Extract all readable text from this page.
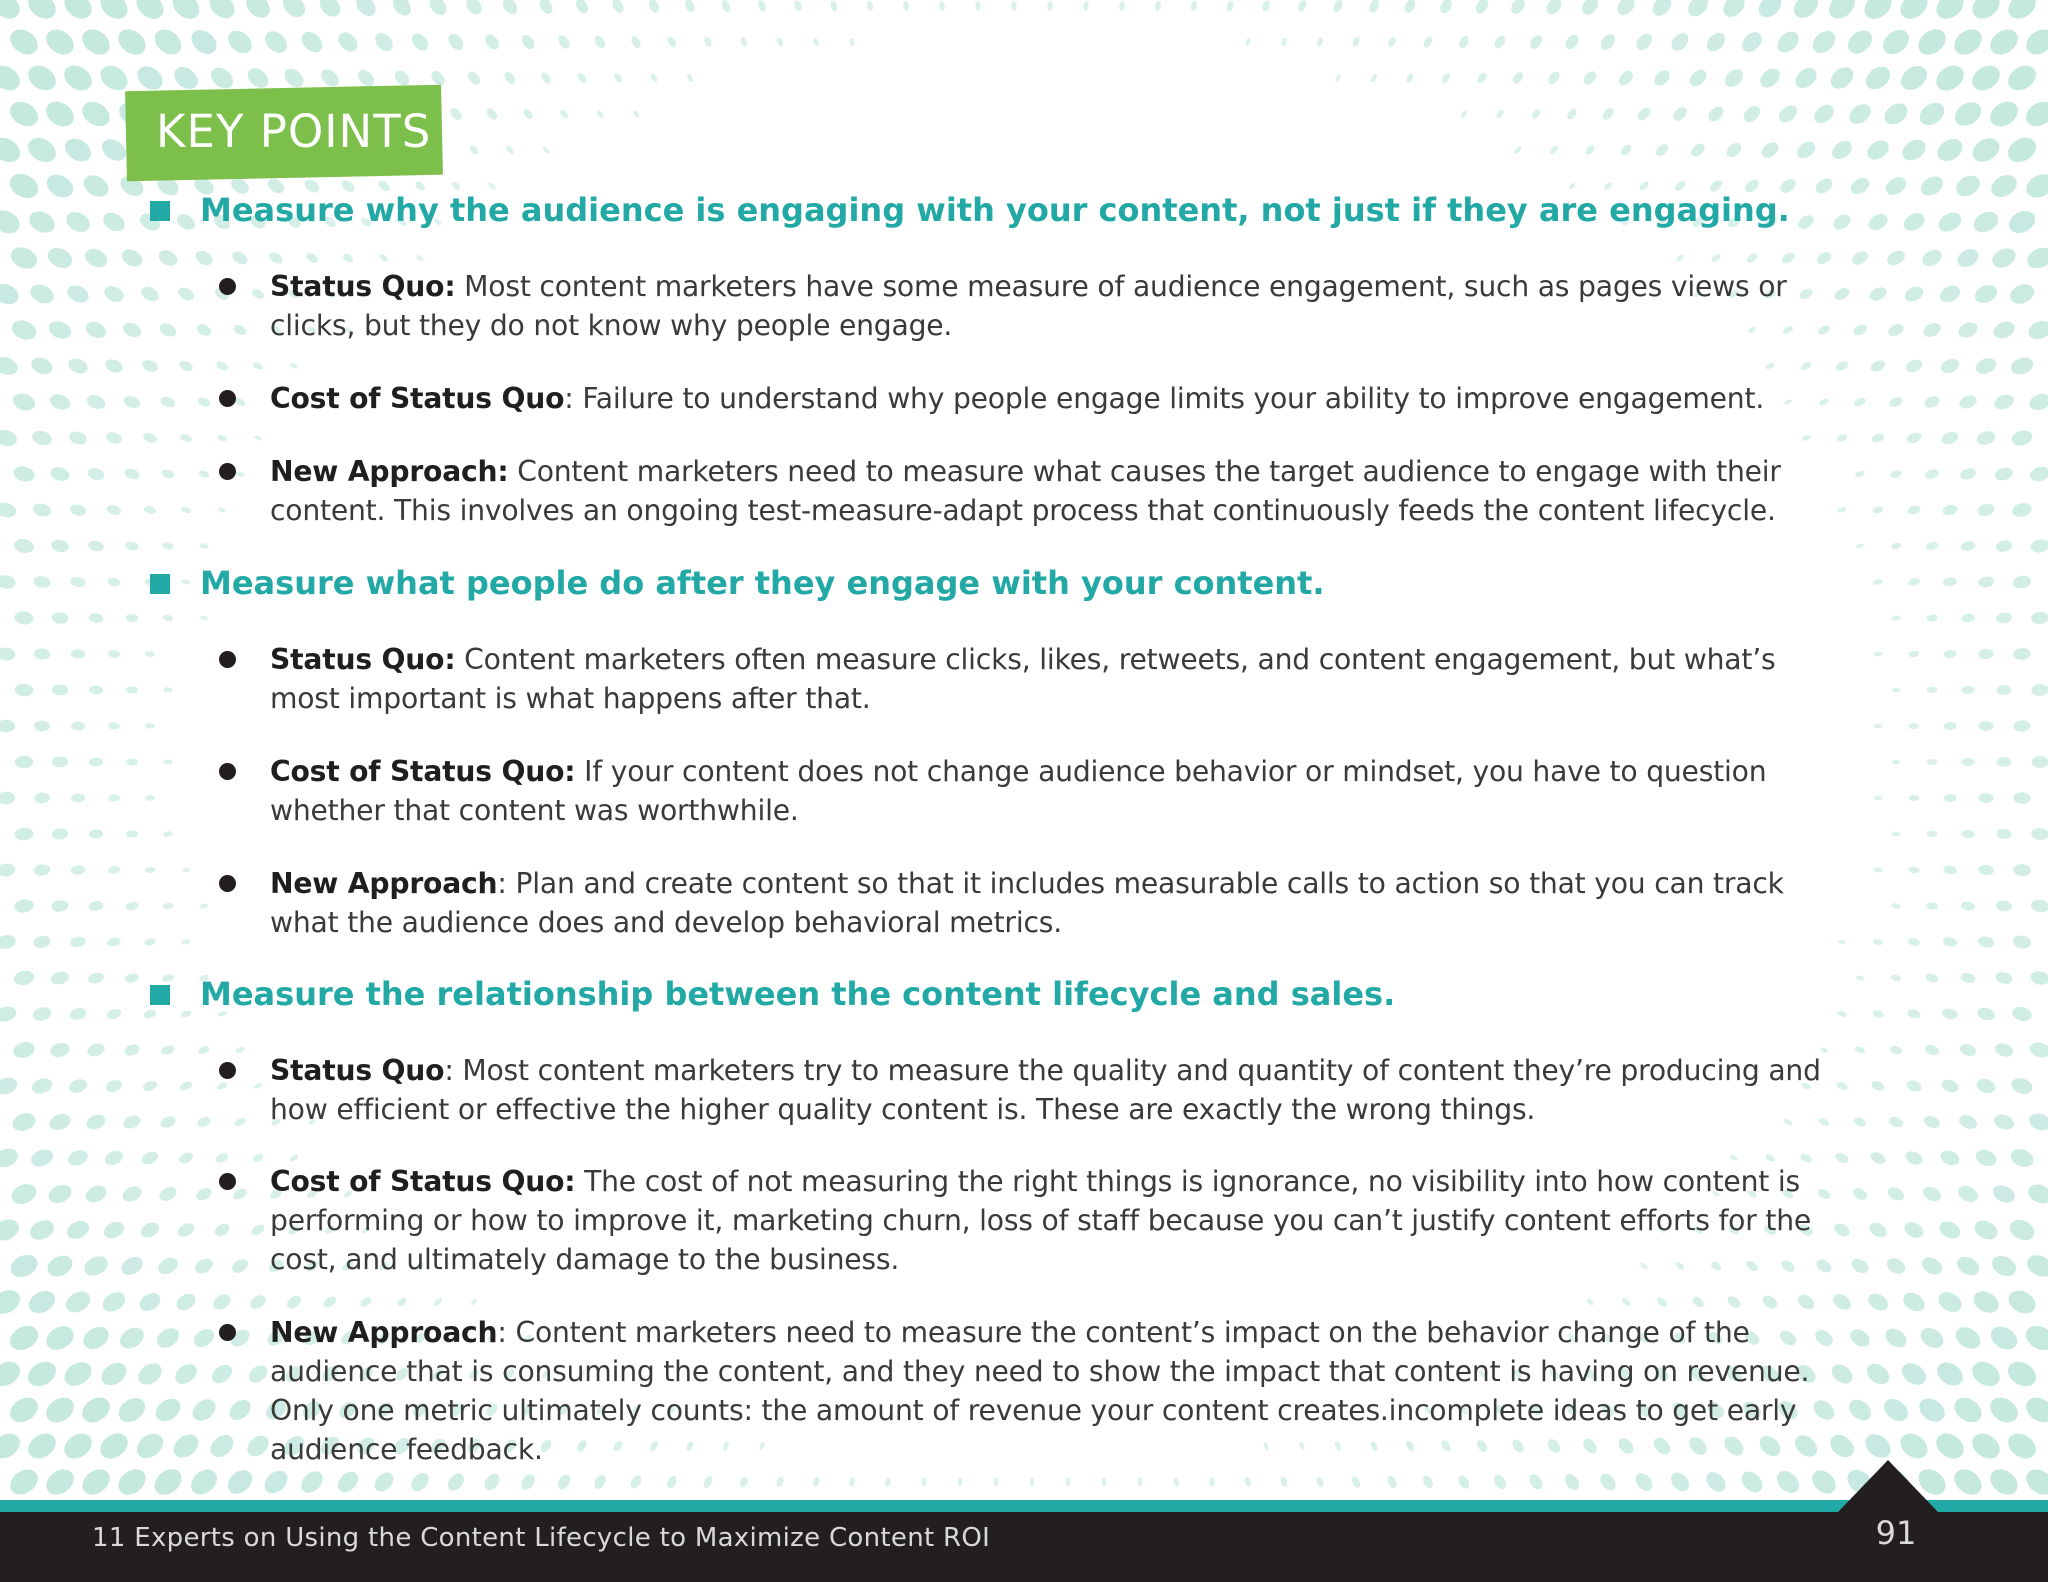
KEY POINTS
Measure why the audience is engaging with your content, not just if they are engaging.
Status Quo: Most content marketers have some measure of audience engagement, such as pages views or clicks, but they do not know why people engage.
Cost of Status Quo: Failure to understand why people engage limits your ability to improve engagement.
New Approach: Content marketers need to measure what causes the target audience to engage with their content. This involves an ongoing test-measure-adapt process that continuously feeds the content lifecycle.
Measure what people do after they engage with your content.
Status Quo: Content marketers often measure clicks, likes, retweets, and content engagement, but what’s most important is what happens after that.
Cost of Status Quo: If your content does not change audience behavior or mindset, you have to question whether that content was worthwhile.
New Approach: Plan and create content so that it includes measurable calls to action so that you can track what the audience does and develop behavioral metrics.
Measure the relationship between the content lifecycle and sales.
Status Quo: Most content marketers try to measure the quality and quantity of content they’re producing and how efficient or effective the higher quality content is. These are exactly the wrong things.
Cost of Status Quo: The cost of not measuring the right things is ignorance, no visibility into how content is performing or how to improve it, marketing churn, loss of staff because you can’t justify content efforts for the cost, and ultimately damage to the business.
New Approach: Content marketers need to measure the content’s impact on the behavior change of the audience that is consuming the content, and they need to show the impact that content is having on revenue. Only one metric ultimately counts: the amount of revenue your content creates.incomplete ideas to get early audience feedback.
11 Experts on Using the Content Lifecycle to Maximize Content ROI	91
